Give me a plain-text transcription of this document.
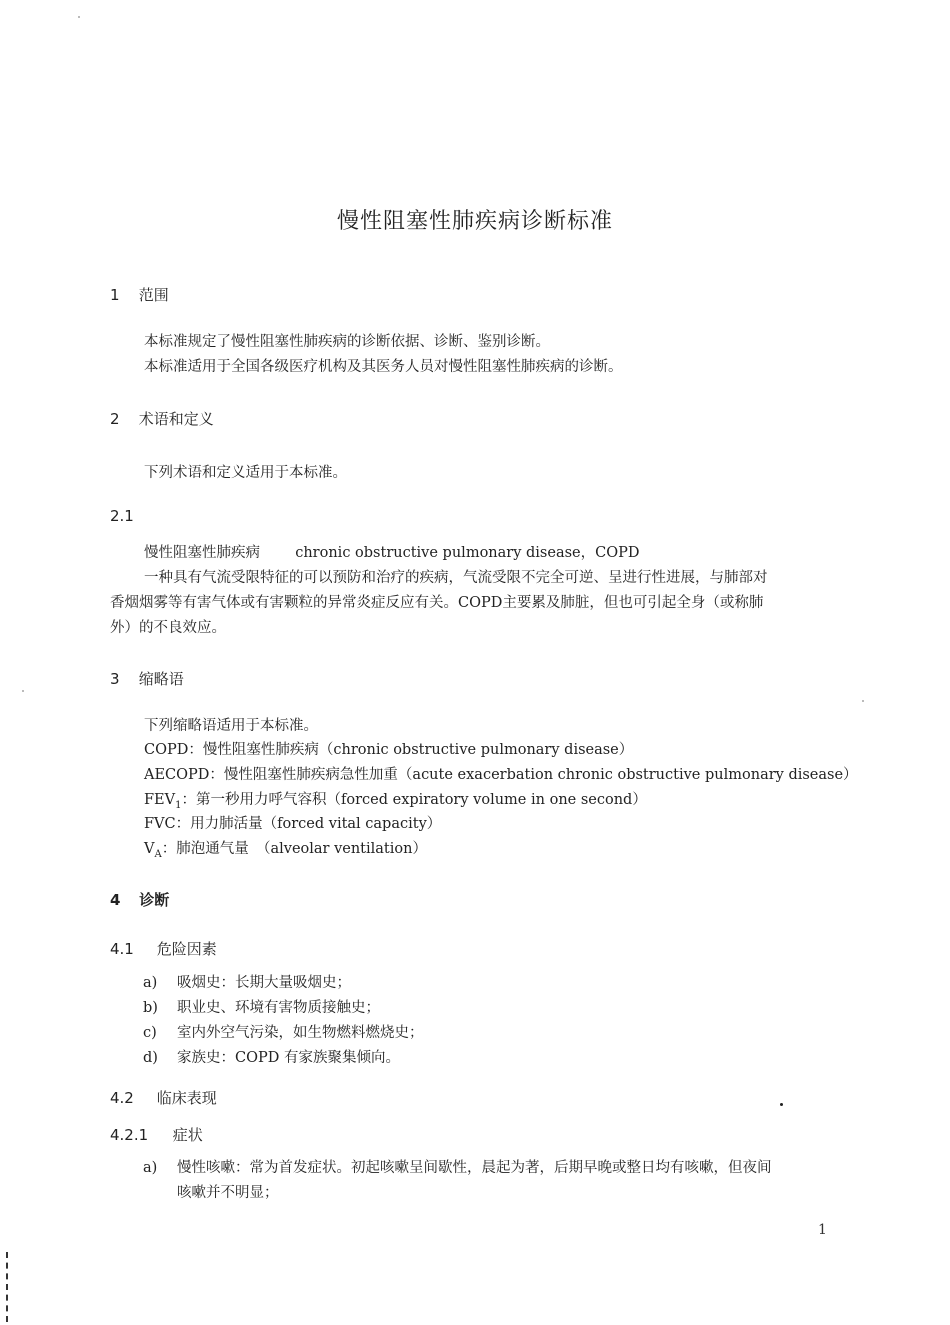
慢性阻塞性肺疾病诊断标准
1 范围
本标准规定了慢性阻塞性肺疾病的诊断依据、诊断、鉴别诊断。
本标准适用于全国各级医疗机构及其医务人员对慢性阻塞性肺疾病的诊断。
2 术语和定义
下列术语和定义适用于本标准。
2.1
慢性阻塞性肺疾病 chronic obstructive pulmonary disease，COPD
一种具有气流受限特征的可以预防和治疗的疾病，气流受限不完全可逆、呈进行性进展，与肺部对
香烟烟雾等有害气体或有害颗粒的异常炎症反应有关。COPD主要累及肺脏，但也可引起全身（或称肺
外）的不良效应。
3 缩略语
下列缩略语适用于本标准。
COPD：慢性阻塞性肺疾病（chronic obstructive pulmonary disease）
AECOPD：慢性阻塞性肺疾病急性加重（acute exacerbation chronic obstructive pulmonary disease）
$FEV_1$：第一秒用力呼气容积（forced expiratory volume in one second）
FVC：用力肺活量（forced vital capacity）
$V_A$：肺泡通气量　（alveolar ventilation）
4 诊断
4.1 危险因素
a) 吸烟史：长期大量吸烟史；
b) 职业史、环境有害物质接触史；
c) 室内外空气污染，如生物燃料燃烧史；
d) 家族史：COPD 有家族聚集倾向。
4.2 临床表现
4.2.1 症状
a) 慢性咳嗽：常为首发症状。初起咳嗽呈间歇性，晨起为著，后期早晚或整日均有咳嗽，但夜间
咳嗽并不明显；
1
